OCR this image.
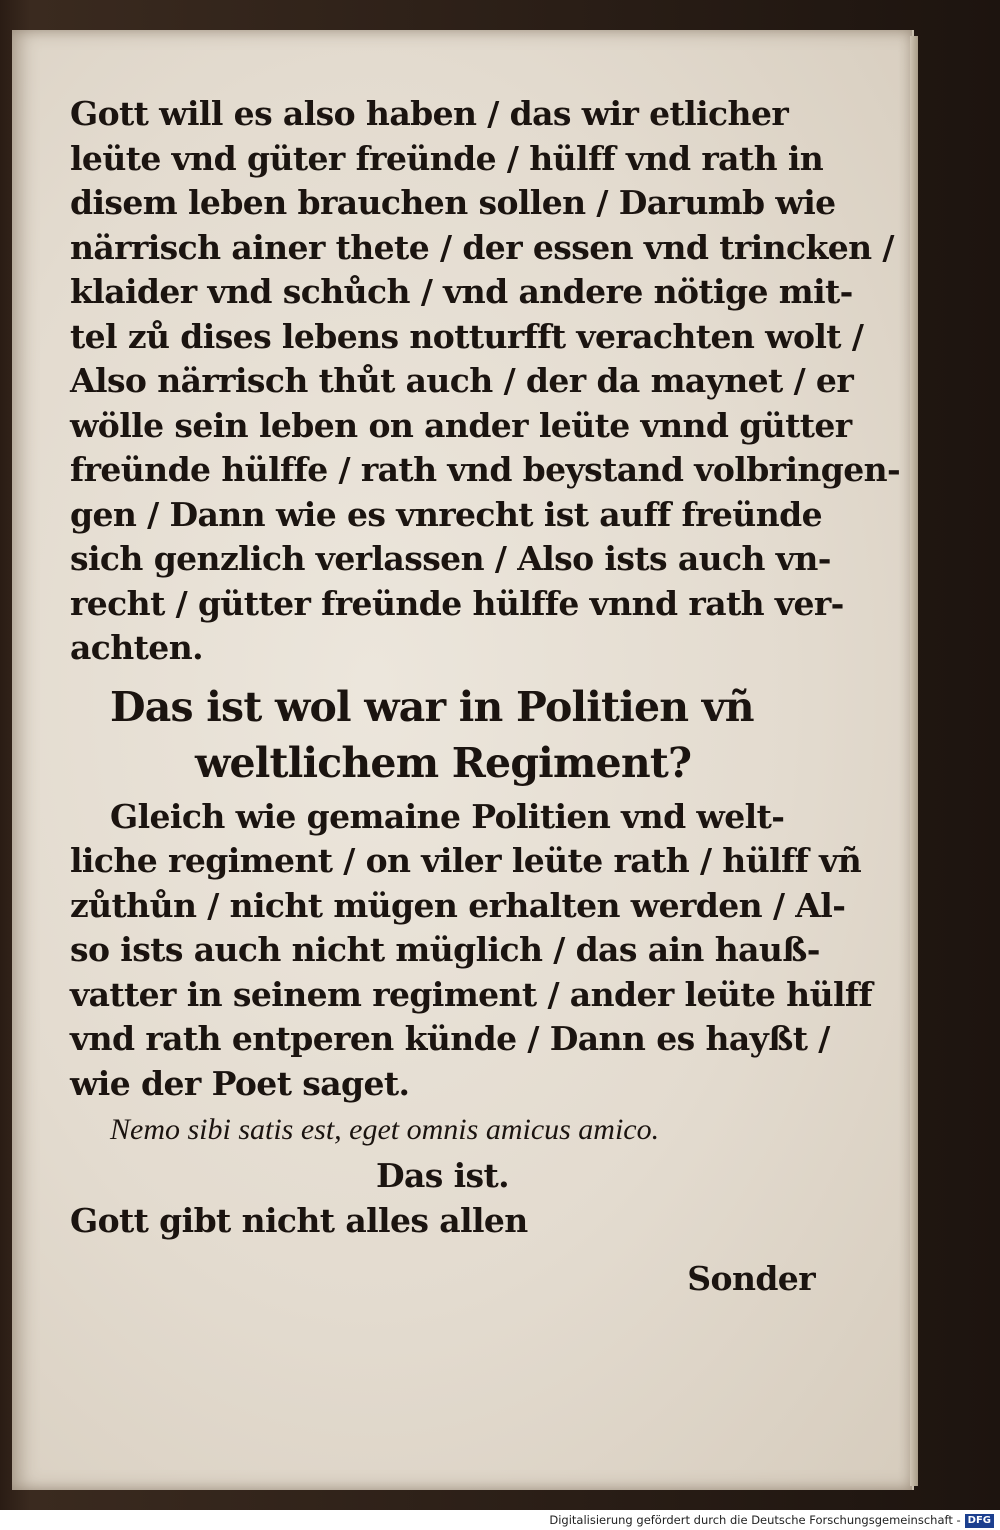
Gott will es also haben / das wir etlicher
leüte vnd güter freünde / hülff vnd rath in
disem leben brauchen sollen / Darumb wie
närrisch ainer thete / der essen vnd trincken /
klaider vnd schůch / vnd andere nötige mit-
tel zů dises lebens notturfft verachten wolt /
Also närrisch thůt auch / der da maynet / er
wölle sein leben on ander leüte vnnd gütter
freünde hülffe / rath vnd beystand volbringen-
gen / Dann wie es vnrecht ist auff freünde
sich genzlich verlassen / Also ists auch vn-
recht / gütter freünde hülffe vnnd rath ver-
achten.
Das ist wol war in Politien vñ
weltlichem Regiment?
Gleich wie gemaine Politien vnd welt-
liche regiment / on viler leüte rath / hülff vñ
zůthůn / nicht mügen erhalten werden / Al-
so ists auch nicht müglich / das ain hauß-
vatter in seinem regiment / ander leüte hülff
vnd rath entperen künde / Dann es hayßt /
wie der Poet saget.
Nemo sibi satis est, eget omnis amicus amico.
Das ist.
Gott gibt nicht alles allen
Sonder
Digitalisierung gefördert durch die Deutsche Forschungsgemeinschaft - DFG
